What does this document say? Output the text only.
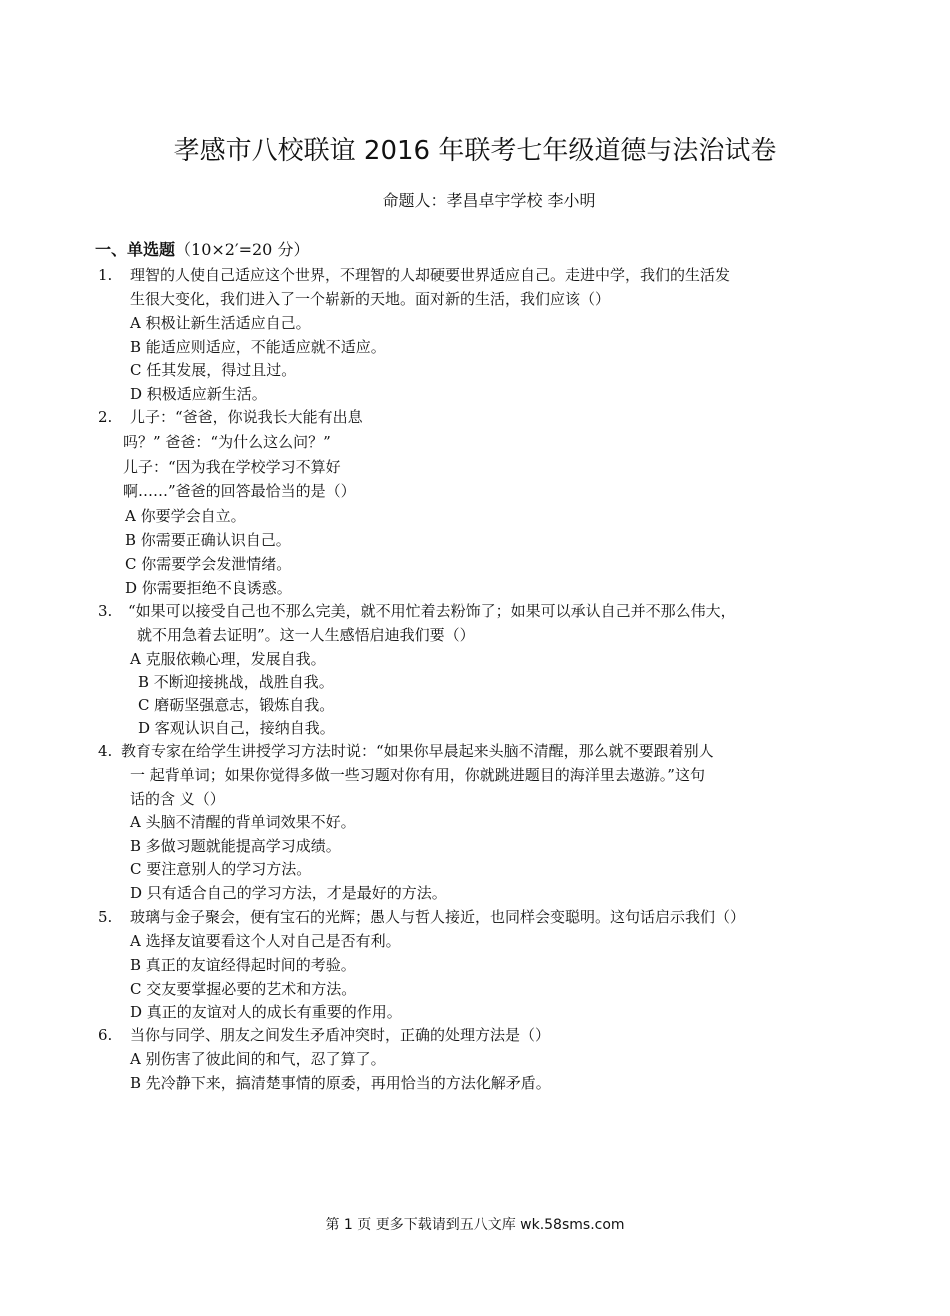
孝感市八校联谊 2016 年联考七年级道德与法治试卷
命题人：孝昌卓宇学校 李小明
一、单选题（10×2′=20 分）
1. 理智的人使自己适应这个世界，不理智的人却硬要世界适应自己。走进中学，我们的生活发
生很大变化，我们进入了一个崭新的天地。面对新的生活，我们应该（）
A 积极让新生活适应自己。
B 能适应则适应，不能适应就不适应。
C 任其发展，得过且过。
D 积极适应新生活。
2. 儿子：“爸爸，你说我长大能有出息
吗？” 爸爸：“为什么这么问？”
儿子：“因为我在学校学习不算好
啊……”爸爸的回答最恰当的是（）
A 你要学会自立。
B 你需要正确认识自己。
C 你需要学会发泄情绪。
D 你需要拒绝不良诱惑。
3. “如果可以接受自己也不那么完美，就不用忙着去粉饰了；如果可以承认自己并不那么伟大，
就不用急着去证明”。这一人生感悟启迪我们要（）
A 克服依赖心理，发展自我。
B 不断迎接挑战，战胜自我。
C 磨砺坚强意志，锻炼自我。
D 客观认识自己，接纳自我。
4. 教育专家在给学生讲授学习方法时说：“如果你早晨起来头脑不清醒，那么就不要跟着别人
一 起背单词；如果你觉得多做一些习题对你有用，你就跳进题目的海洋里去遨游。”这句
话的含 义（）
A 头脑不清醒的背单词效果不好。
B 多做习题就能提高学习成绩。
C 要注意别人的学习方法。
D 只有适合自己的学习方法，才是最好的方法。
5. 玻璃与金子聚会，便有宝石的光辉；愚人与哲人接近，也同样会变聪明。这句话启示我们（）
A 选择友谊要看这个人对自己是否有利。
B 真正的友谊经得起时间的考验。
C 交友要掌握必要的艺术和方法。
D 真正的友谊对人的成长有重要的作用。
6. 当你与同学、朋友之间发生矛盾冲突时，正确的处理方法是（）
A 别伤害了彼此间的和气，忍了算了。
B 先冷静下来，搞清楚事情的原委，再用恰当的方法化解矛盾。
第 1 页 更多下载请到五八文库 wk.58sms.com
